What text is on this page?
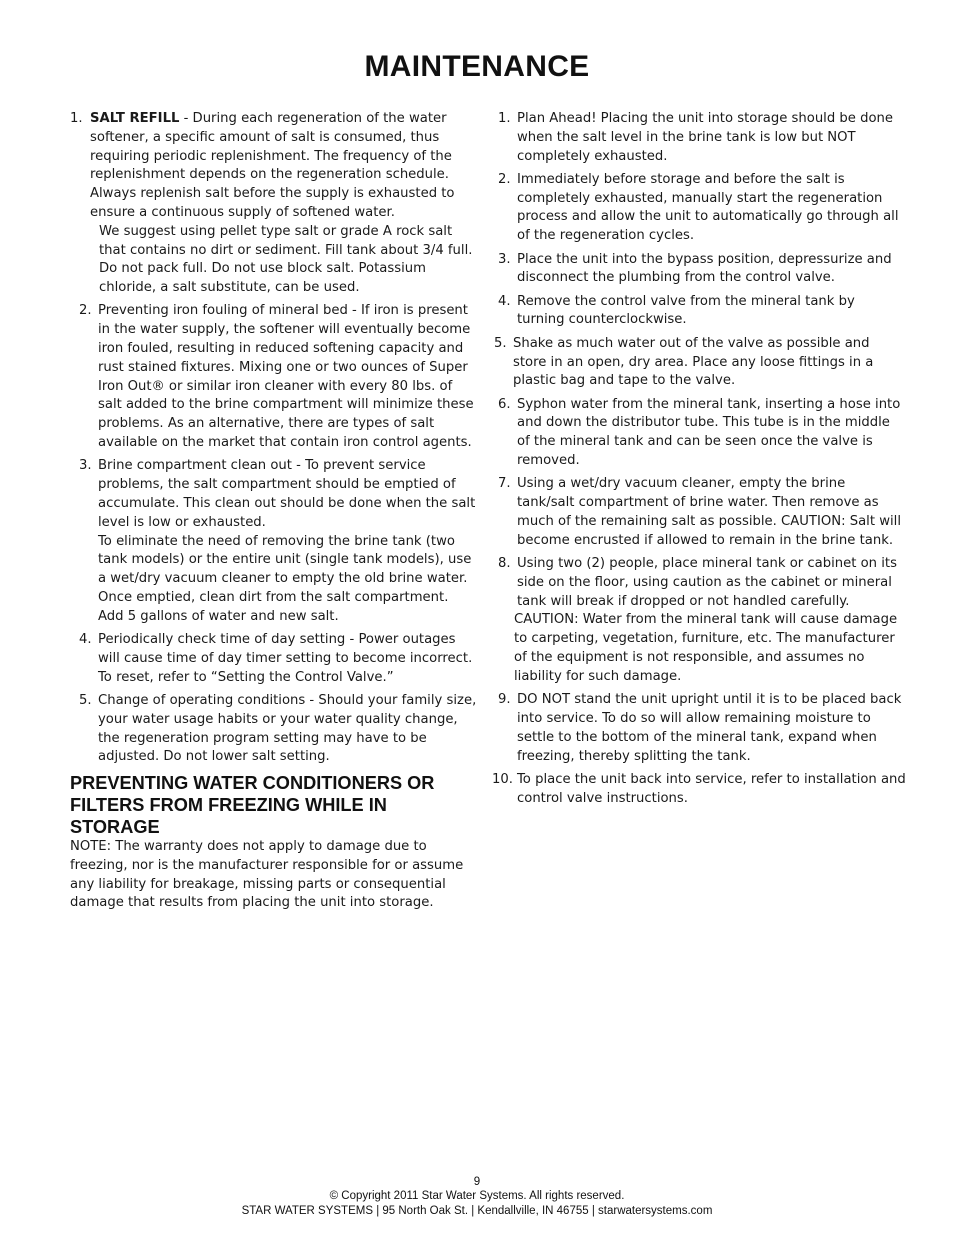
MAINTENANCE
1. SALT REFILL - During each regeneration of the water softener, a specific amount of salt is consumed, thus requiring periodic replenishment. The frequency of the replenishment depends on the regeneration schedule. Always replenish salt before the supply is exhausted to ensure a continuous supply of softened water.

We suggest using pellet type salt or grade A rock salt that contains no dirt or sediment. Fill tank about 3/4 full. Do not pack full. Do not use block salt. Potassium chloride, a salt substitute, can be used.

2. Preventing iron fouling of mineral bed - If iron is present in the water supply, the softener will eventually become iron fouled, resulting in reduced softening capacity and rust stained fixtures. Mixing one or two ounces of Super Iron Out® or similar iron cleaner with every 80 lbs. of salt added to the brine compartment will minimize these problems. As an alternative, there are types of salt available on the market that contain iron control agents.

3. Brine compartment clean out - To prevent service problems, the salt compartment should be emptied of accumulate. This clean out should be done when the salt level is low or exhausted.

To eliminate the need of removing the brine tank (two tank models) or the entire unit (single tank models), use a wet/dry vacuum cleaner to empty the old brine water. Once emptied, clean dirt from the salt compartment. Add 5 gallons of water and new salt.

4. Periodically check time of day setting - Power outages will cause time of day timer setting to become incorrect. To reset, refer to “Setting the Control Valve.”

5. Change of operating conditions - Should your family size, your water usage habits or your water quality change, the regeneration program setting may have to be adjusted. Do not lower salt setting.

PREVENTING WATER CONDITIONERS OR FILTERS FROM FREEZING WHILE IN STORAGE

NOTE: The warranty does not apply to damage due to freezing, nor is the manufacturer responsible for or assume any liability for breakage, missing parts or consequential damage that results from placing the unit into storage.

1. Plan Ahead! Placing the unit into storage should be done when the salt level in the brine tank is low but NOT completely exhausted.

2. Immediately before storage and before the salt is completely exhausted, manually start the regeneration process and allow the unit to automatically go through all of the regeneration cycles.

3. Place the unit into the bypass position, depressurize and disconnect the plumbing from the control valve.

4. Remove the control valve from the mineral tank by turning counterclockwise.

5. Shake as much water out of the valve as possible and store in an open, dry area. Place any loose fittings in a plastic bag and tape to the valve.

6. Syphon water from the mineral tank, inserting a hose into and down the distributor tube. This tube is in the middle of the mineral tank and can be seen once the valve is removed.

7. Using a wet/dry vacuum cleaner, empty the brine tank/salt compartment of brine water. Then remove as much of the remaining salt as possible. CAUTION: Salt will become encrusted if allowed to remain in the brine tank.

8. Using two (2) people, place mineral tank or cabinet on its side on the floor, using caution as the cabinet or mineral tank will break if dropped or not handled carefully.

CAUTION: Water from the mineral tank will cause damage to carpeting, vegetation, furniture, etc. The manufacturer of the equipment is not responsible, and assumes no liability for such damage.

9. DO NOT stand the unit upright until it is to be placed back into service. To do so will allow remaining moisture to settle to the bottom of the mineral tank, expand when freezing, thereby splitting the tank.

10. To place the unit back into service, refer to installation and control valve instructions.

9
© Copyright 2011 Star Water Systems. All rights reserved.
STAR WATER SYSTEMS | 95 North Oak St. | Kendallville, IN 46755 | starwatersystems.com
